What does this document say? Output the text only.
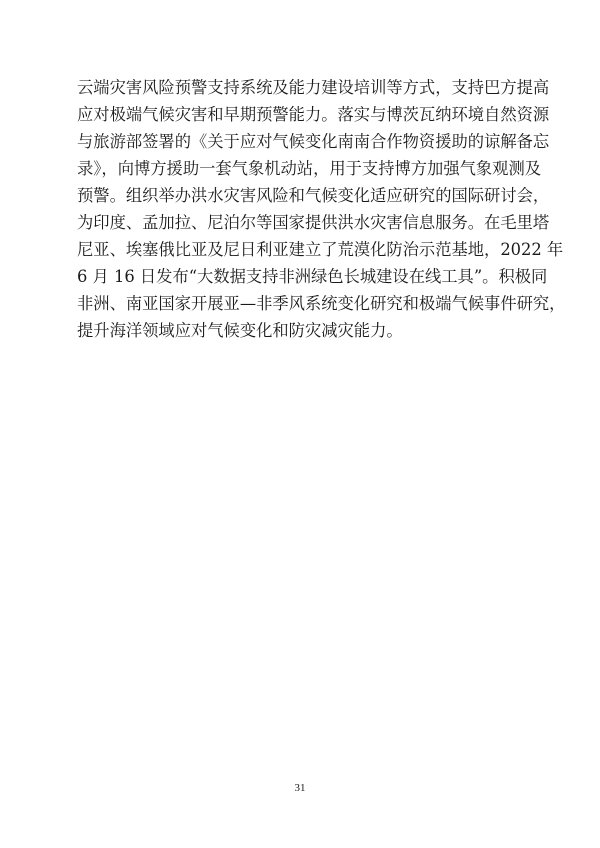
云端灾害风险预警支持系统及能力建设培训等方式，支持巴方提高
应对极端气候灾害和早期预警能力。落实与博茨瓦纳环境自然资源
与旅游部签署的《关于应对气候变化南南合作物资援助的谅解备忘
录》，向博方援助一套气象机动站，用于支持博方加强气象观测及
预警。组织举办洪水灾害风险和气候变化适应研究的国际研讨会，
为印度、孟加拉、尼泊尔等国家提供洪水灾害信息服务。在毛里塔
尼亚、埃塞俄比亚及尼日利亚建立了荒漠化防治示范基地，2022 年
6 月 16 日发布“大数据支持非洲绿色长城建设在线工具”。积极同
非洲、南亚国家开展亚—非季风系统变化研究和极端气候事件研究，
提升海洋领域应对气候变化和防灾减灾能力。
31
